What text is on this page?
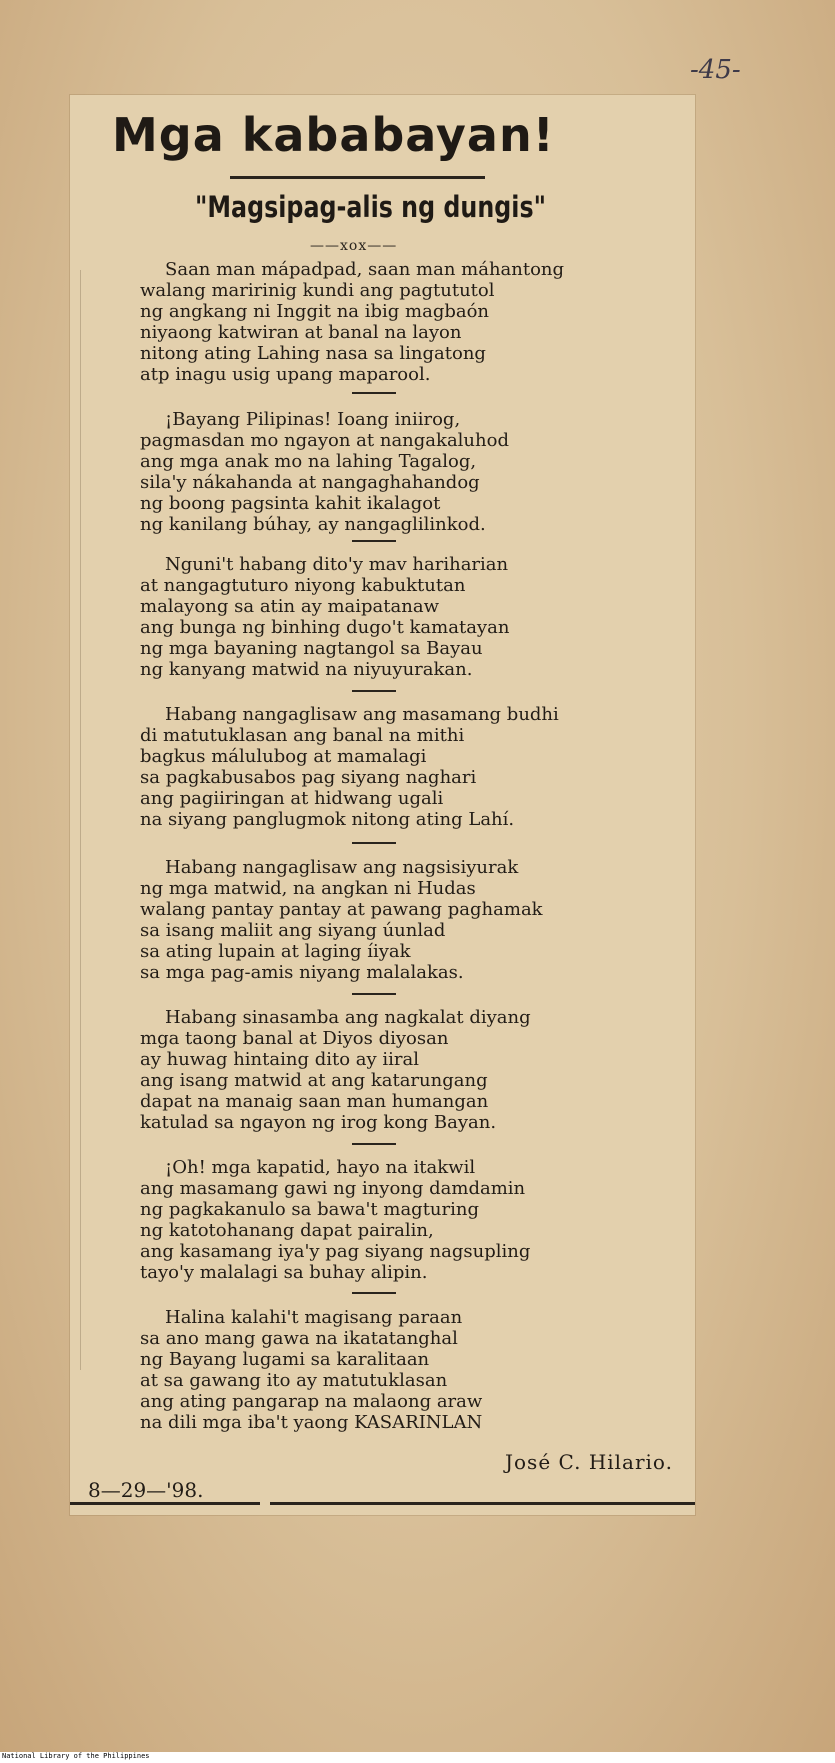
-45-
Mga kababayan!
"Magsipag-alis ng dungis"
——xox——
Saan man mápadpad, saan man máhantong
walang maririnig kundi ang pagtututol
ng angkang ni Inggit na ibig magbaón
niyaong katwiran at banal na layon
nitong ating Lahing nasa sa lingatong
atp inagu usig upang maparool.
¡Bayang Pilipinas! Ioang iniirog,
pagmasdan mo ngayon at nangakaluhod
ang mga anak mo na lahing Tagalog,
sila'y nákahanda at nangaghahandog
ng boong pagsinta kahit ikalagot
ng kanilang búhay, ay nangaglilinkod.
Nguni't habang dito'y mav hariharian
at nangagtuturo niyong kabuktutan
malayong sa atin ay maipatanaw
ang bunga ng binhing dugo't kamatayan
ng mga bayaning nagtangol sa Bayau
ng kanyang matwid na niyuyurakan.
Habang nangaglisaw ang masamang budhi
di matutuklasan ang banal na mithi
bagkus málulubog at mamalagi
sa pagkabusabos pag siyang naghari
ang pagiiringan at hidwang ugali
na siyang panglugmok nitong ating Lahí.
Habang nangaglisaw ang nagsisiyurak
ng mga matwid, na angkan ni Hudas
walang pantay pantay at pawang paghamak
sa isang maliit ang siyang úunlad
sa ating lupain at laging íiyak
sa mga pag-amis niyang malalakas.
Habang sinasamba ang nagkalat diyang
mga taong banal at Diyos diyosan
ay huwag hintaing dito ay iiral
ang isang matwid at ang katarungang
dapat na manaig saan man humangan
katulad sa ngayon ng irog kong Bayan.
¡Oh! mga kapatid, hayo na itakwil
ang masamang gawi ng inyong damdamin
ng pagkakanulo sa bawa't magturing
ng katotohanang dapat pairalin,
ang kasamang iya'y pag siyang nagsupling
tayo'y malalagi sa buhay alipin.
Halina kalahi't magisang paraan
sa ano mang gawa na ikatatanghal
ng Bayang lugami sa karalitaan
at sa gawang ito ay matutuklasan
ang ating pangarap na malaong araw
na dili mga iba't yaong KASARINLAN
José C. Hilario.
8—29—'98.
National Library of the Philippines
